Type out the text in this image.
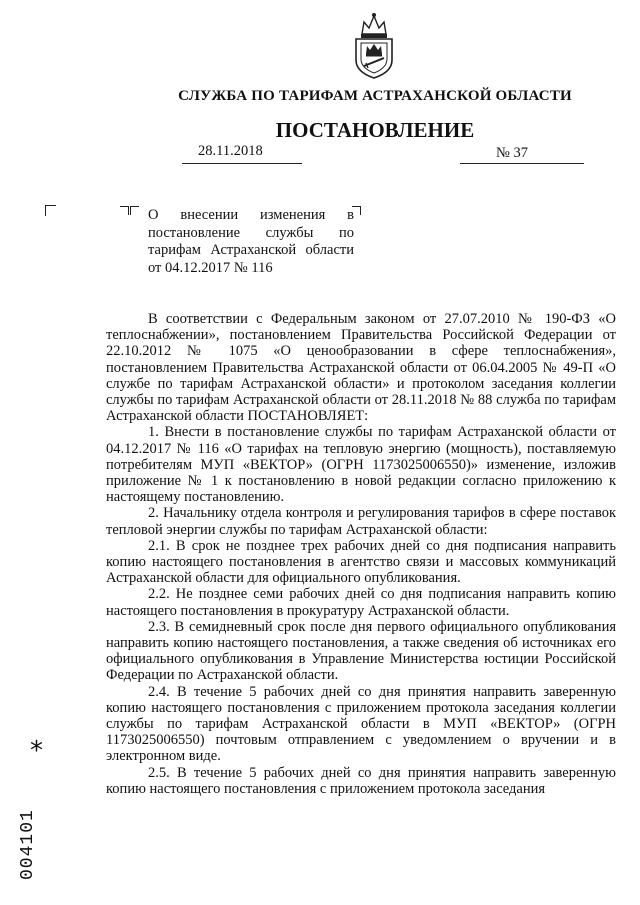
СЛУЖБА ПО ТАРИФАМ АСТРАХАНСКОЙ ОБЛАСТИ
ПОСТАНОВЛЕНИЕ
28.11.2018	№ 37
О внесении изменения в
постановление службы по
тарифам Астраханской области
от 04.12.2017 № 116

В соответствии с Федеральным законом от 27.07.2010 № 190-ФЗ «О теплоснабжении», постановлением Правительства Российской Федерации от 22.10.2012 № 1075 «О ценообразовании в сфере теплоснабжения», постановлением Правительства Астраханской области от 06.04.2005 № 49-П «О службе по тарифам Астраханской области» и протоколом заседания коллегии службы по тарифам Астраханской области от 28.11.2018 № 88 служба по тарифам Астраханской области ПОСТАНОВЛЯЕТ:

1. Внести в постановление службы по тарифам Астраханской области от 04.12.2017 № 116 «О тарифах на тепловую энергию (мощность), поставляемую потребителям МУП «ВЕКТОР» (ОГРН 1173025006550)» изменение, изложив приложение № 1 к постановлению в новой редакции согласно приложению к настоящему постановлению.

2. Начальнику отдела контроля и регулирования тарифов в сфере поставок тепловой энергии службы по тарифам Астраханской области:

2.1. В срок не позднее трех рабочих дней со дня подписания направить копию настоящего постановления в агентство связи и массовых коммуникаций Астраханской области для официального опубликования.

2.2. Не позднее семи рабочих дней со дня подписания направить копию настоящего постановления в прокуратуру Астраханской области.

2.3. В семидневный срок после дня первого официального опубликования направить копию настоящего постановления, а также сведения об источниках его официального опубликования в Управление Министерства юстиции Российской Федерации по Астраханской области.

2.4. В течение 5 рабочих дней со дня принятия направить заверенную копию настоящего постановления с приложением протокола заседания коллегии службы по тарифам Астраханской области в МУП «ВЕКТОР» (ОГРН 1173025006550) почтовым отправлением с уведомлением о вручении и в электронном виде.

2.5. В течение 5 рабочих дней со дня принятия направить заверенную копию настоящего постановления с приложением протокола заседания

*
004101
